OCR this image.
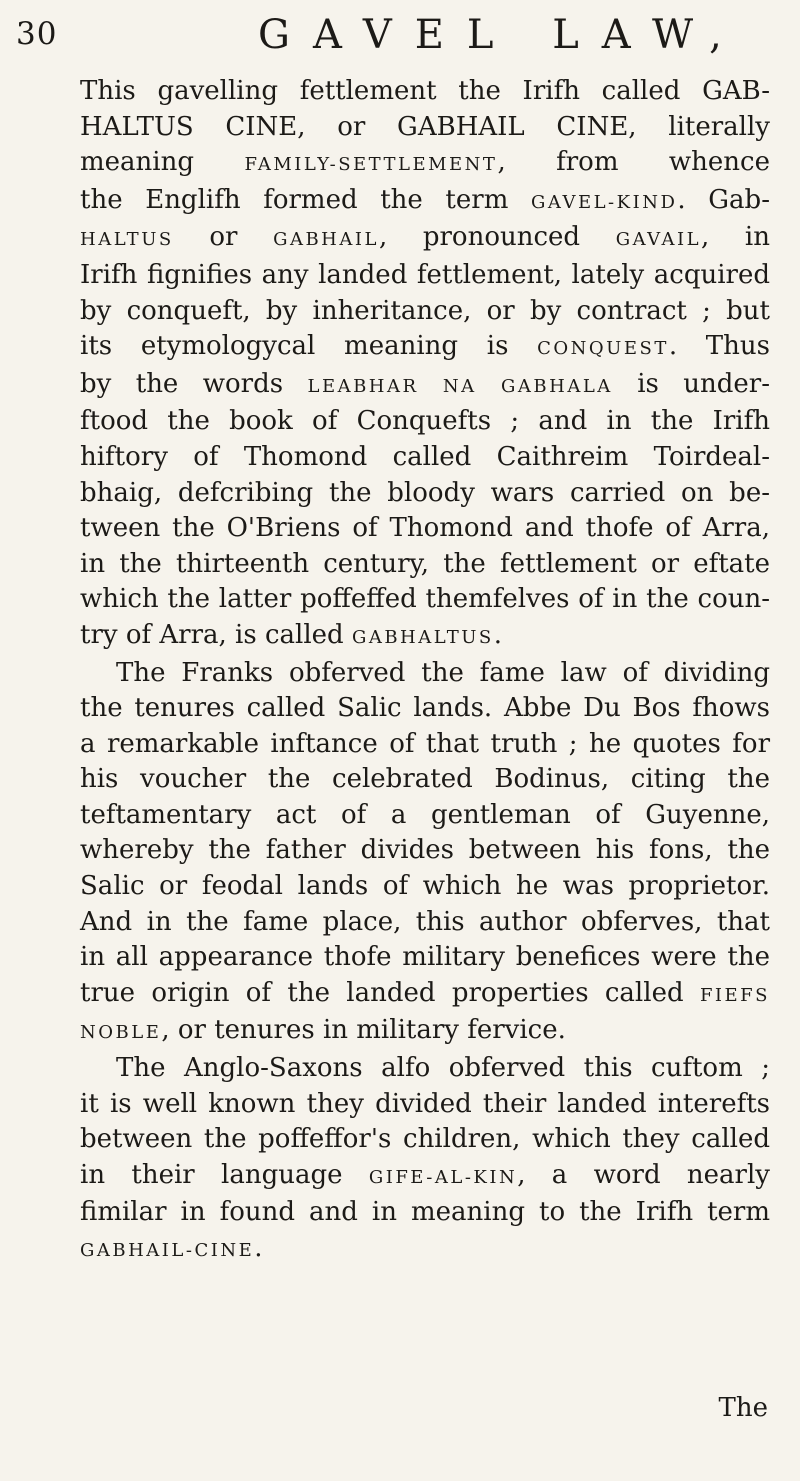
30	GAVEL LAW,
This gavelling fettlement the Irifh called GAB-
HALTUS CINE, or GABHAIL CINE, literally
meaning FAMILY-SETTLEMENT, from whence
the Englifh formed the term GAVEL-KIND. Gab-
HALTUS or GABHAIL, pronounced GAVAIL, in
Irifh fignifies any landed fettlement, lately acquired
by conqueft, by inheritance, or by contract ; but
its etymologycal meaning is CONQUEST. Thus
by the words LEABHAR NA GABHALA is under-
ftood the book of Conquefts ; and in the Irifh
hiftory of Thomond called Caithreim Toirdeal-
bhaig, defcribing the bloody wars carried on be-
tween the O'Briens of Thomond and thofe of Arra,
in the thirteenth century, the fettlement or eftate
which the latter poffeffed themfelves of in the coun-
try of Arra, is called GABHALTUS.
The Franks obferved the fame law of dividing
the tenures called Salic lands. Abbe Du Bos fhows
a remarkable inftance of that truth ; he quotes for
his voucher the celebrated Bodinus, citing the
teftamentary act of a gentleman of Guyenne,
whereby the father divides between his fons, the
Salic or feodal lands of which he was proprietor.
And in the fame place, this author obferves, that
in all appearance thofe military benefices were the
true origin of the landed properties called FIEFS
NOBLE, or tenures in military fervice.
The Anglo-Saxons alfo obferved this cuftom ;
it is well known they divided their landed interefts
between the poffeffor's children, which they called
in their language GIFE-AL-KIN, a word nearly
fimilar in found and in meaning to the Irifh term
GABHAIL-CINE.
The
